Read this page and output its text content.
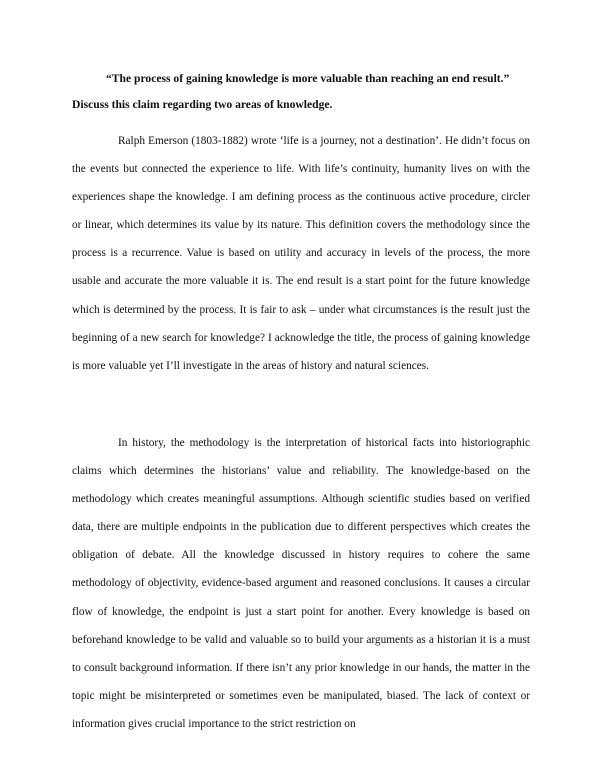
“The process of gaining knowledge is more valuable than reaching an end result.”
Discuss this claim regarding two areas of knowledge.

Ralph Emerson (1803-1882) wrote ‘life is a journey, not a destination’. He didn’t focus on the events but connected the experience to life. With life’s continuity, humanity lives on with the experiences shape the knowledge. I am defining process as the continuous active procedure, circler or linear, which determines its value by its nature. This definition covers the methodology since the process is a recurrence. Value is based on utility and accuracy in levels of the process, the more usable and accurate the more valuable it is. The end result is a start point for the future knowledge which is determined by the process. It is fair to ask – under what circumstances is the result just the beginning of a new search for knowledge? I acknowledge the title, the process of gaining knowledge is more valuable yet I’ll investigate in the areas of history and natural sciences.

In history, the methodology is the interpretation of historical facts into historiographic claims which determines the historians’ value and reliability. The knowledge-based on the methodology which creates meaningful assumptions. Although scientific studies based on verified data, there are multiple endpoints in the publication due to different perspectives which creates the obligation of debate. All the knowledge discussed in history requires to cohere the same methodology of objectivity, evidence-based argument and reasoned conclusions. It causes a circular flow of knowledge, the endpoint is just a start point for another. Every knowledge is based on beforehand knowledge to be valid and valuable so to build your arguments as a historian it is a must to consult background information. If there isn’t any prior knowledge in our hands, the matter in the topic might be misinterpreted or sometimes even be manipulated, biased. The lack of context or information gives crucial importance to the strict restriction on
